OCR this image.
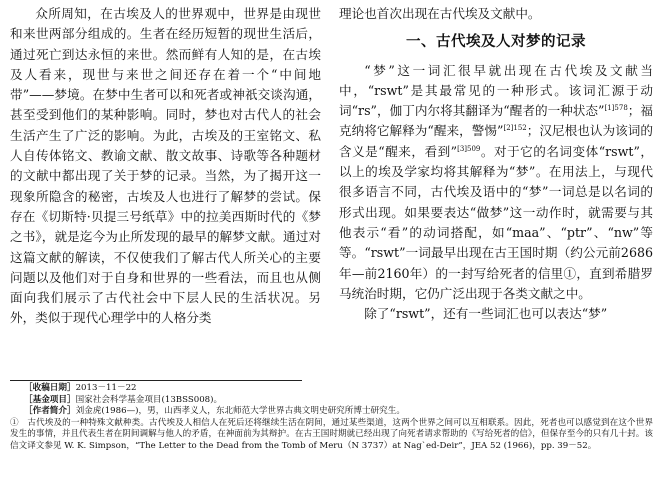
众所周知，在古埃及人的世界观中，世界是由现世和来世两部分组成的。生者在经历短暂的现世生活后，通过死亡到达永恒的来世。然而鲜有人知的是，在古埃及人看来，现世与来世之间还存在着一个“中间地带”——梦境。在梦中生者可以和死者或神祇交谈沟通，甚至受到他们的某种影响。同时，梦也对古代人的社会生活产生了广泛的影响。为此，古埃及的王室铭文、私人自传体铭文、教谕文献、散文故事、诗歌等各种题材的文献中都出现了关于梦的记录。当然，为了揭开这一现象所隐含的秘密，古埃及人也进行了解梦的尝试。保存在《切斯特·贝提三号纸草》中的拉美西斯时代的《梦之书》，就是迄今为止所发现的最早的解梦文献。通过对这篇文献的解读，不仅使我们了解古代人所关心的主要问题以及他们对于自身和世界的一些看法，而且也从侧面向我们展示了古代社会中下层人民的生活状况。另外，类似于现代心理学中的人格分类

理论也首次出现在古代埃及文献中。

一、古代埃及人对梦的记录

“梦”这一词汇很早就出现在古代埃及文献当中，“rswt”是其最常见的一种形式。该词汇源于动词“rs”，伽丁内尔将其翻译为“醒者的一种状态”$^{[1]578}$；福克纳将它解释为“醒来，警惕”$^{[2]152}$；汉尼根也认为该词的含义是“醒来，看到”$^{[3]509}$。对于它的名词变体“rswt”，以上的埃及学家均将其解释为“梦”。在用法上，与现代很多语言不同，古代埃及语中的“梦”一词总是以名词的形式出现。如果要表达“做梦”这一动作时，就需要与其他表示“看”的动词搭配，如“maa”、“ptr”、“nw”等等。“rswt”一词最早出现在古王国时期（约公元前2686年—前2160年）的一封写给死者的信里①，直到希腊罗马统治时期，它仍广泛出现于各类文献之中。

除了“rswt”，还有一些词汇也可以表达“梦”

［收稿日期］2013－11－22
［基金项目］国家社会科学基金项目(13BSS008)。
［作者简介］刘金虎(1986—)，男，山西孝义人，东北师范大学世界古典文明史研究所博士研究生。
①　古代埃及的一种特殊文献种类。古代埃及人相信人在死后还将继续生活在阴间，通过某些渠道，这两个世界之间可以互相联系。因此，死者也可以感觉到在这个世界发生的事情，并且代表生者在阴间调解与他人的矛盾，在神面前为其辩护。在古王国时期就已经出现了向死者请求帮助的《写给死者的信》，但保存至今的只有几十封。该信文译文参见 W. K. Simpson，“The Letter to the Dead from the Tomb of Meru（N 3737）at Nag`ed-Deir”，JEA 52 (1966)，pp. 39－52。
